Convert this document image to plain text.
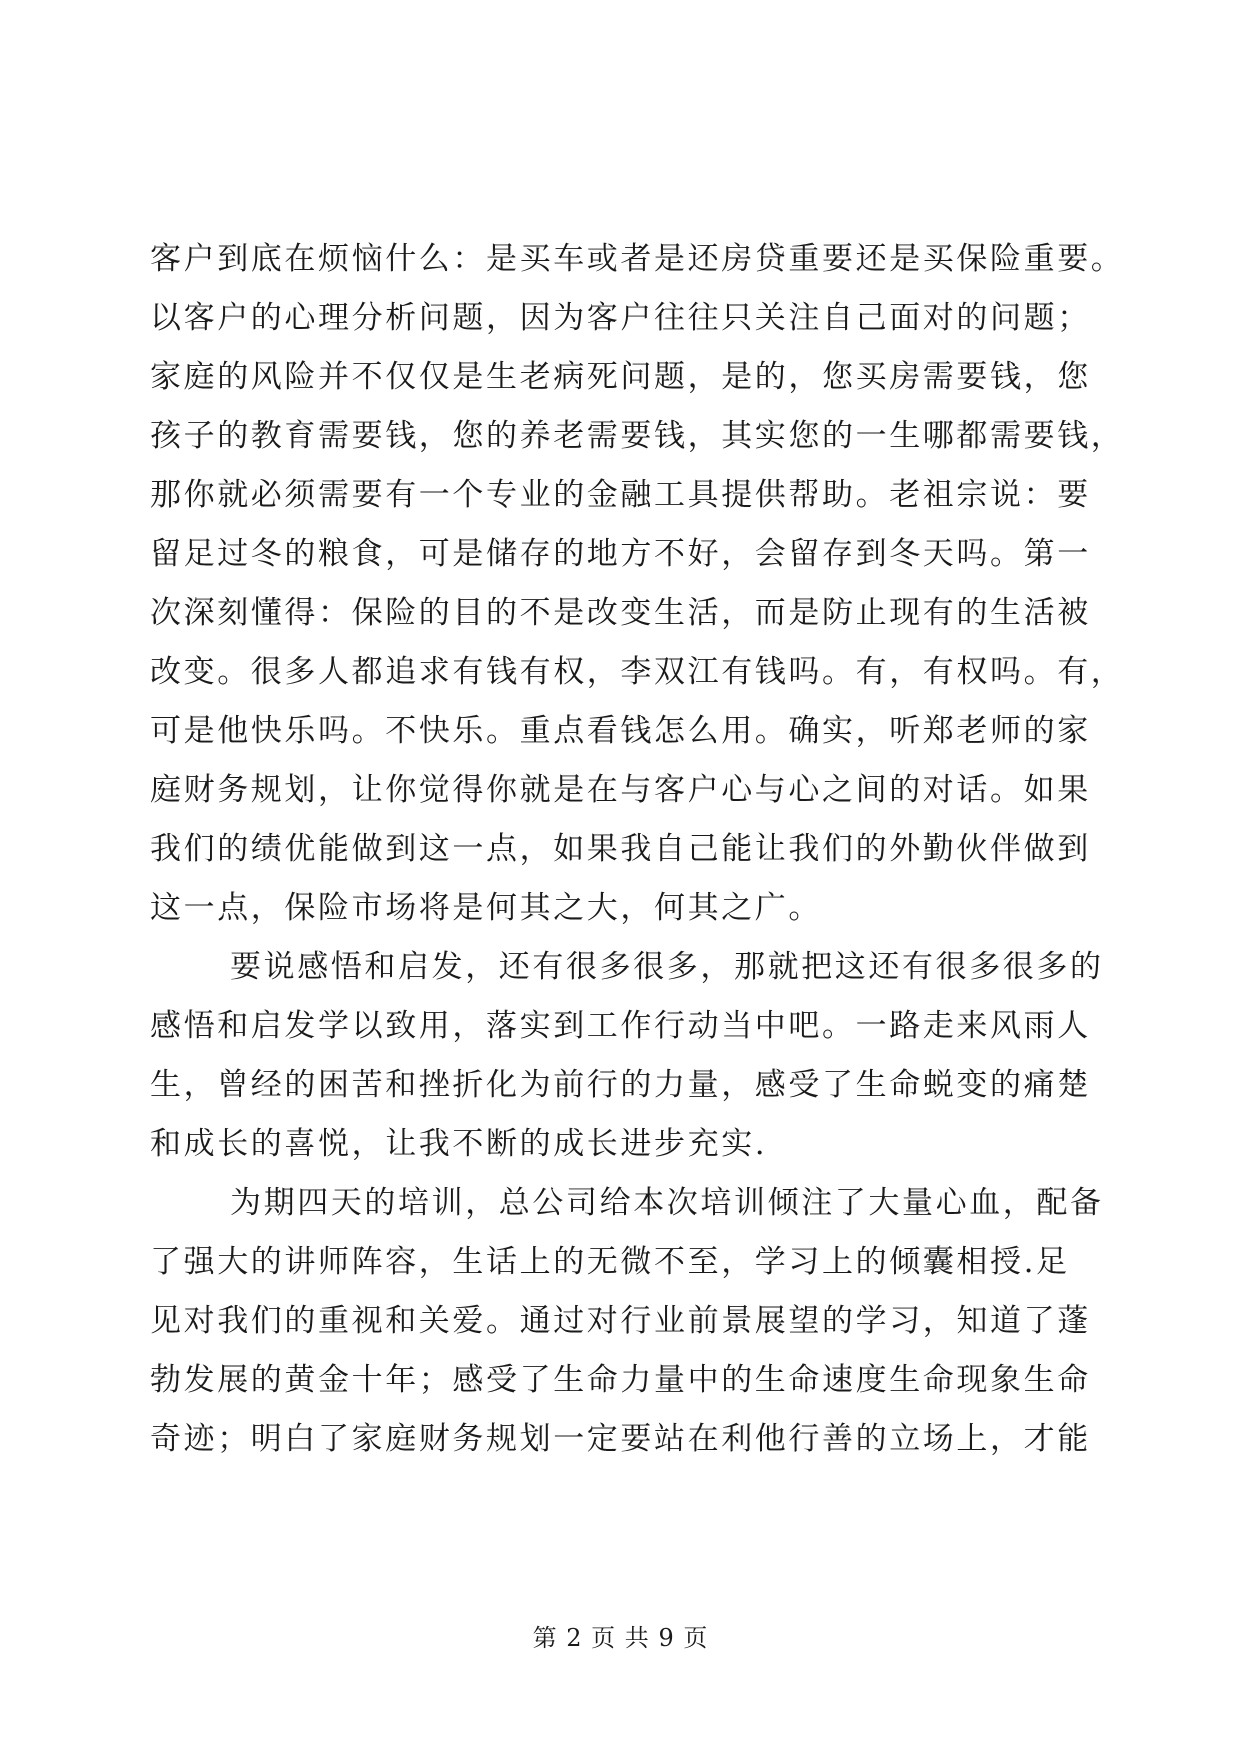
客户到底在烦恼什么：是买车或者是还房贷重要还是买保险重要。
以客户的心理分析问题，因为客户往往只关注自己面对的问题；
家庭的风险并不仅仅是生老病死问题，是的，您买房需要钱，您
孩子的教育需要钱，您的养老需要钱，其实您的一生哪都需要钱，
那你就必须需要有一个专业的金融工具提供帮助。老祖宗说：要
留足过冬的粮食，可是储存的地方不好，会留存到冬天吗。第一
次深刻懂得：保险的目的不是改变生活，而是防止现有的生活被
改变。很多人都追求有钱有权，李双江有钱吗。有，有权吗。有，
可是他快乐吗。不快乐。重点看钱怎么用。确实，听郑老师的家
庭财务规划，让你觉得你就是在与客户心与心之间的对话。如果
我们的绩优能做到这一点，如果我自己能让我们的外勤伙伴做到
这一点，保险市场将是何其之大，何其之广。
要说感悟和启发，还有很多很多，那就把这还有很多很多的
感悟和启发学以致用，落实到工作行动当中吧。一路走来风雨人
生，曾经的困苦和挫折化为前行的力量，感受了生命蜕变的痛楚
和成长的喜悦，让我不断的成长进步充实.
为期四天的培训，总公司给本次培训倾注了大量心血，配备
了强大的讲师阵容，生话上的无微不至，学习上的倾囊相授.足
见对我们的重视和关爱。通过对行业前景展望的学习，知道了蓬
勃发展的黄金十年；感受了生命力量中的生命速度生命现象生命
奇迹；明白了家庭财务规划一定要站在利他行善的立场上，才能
第 2 页 共 9 页
